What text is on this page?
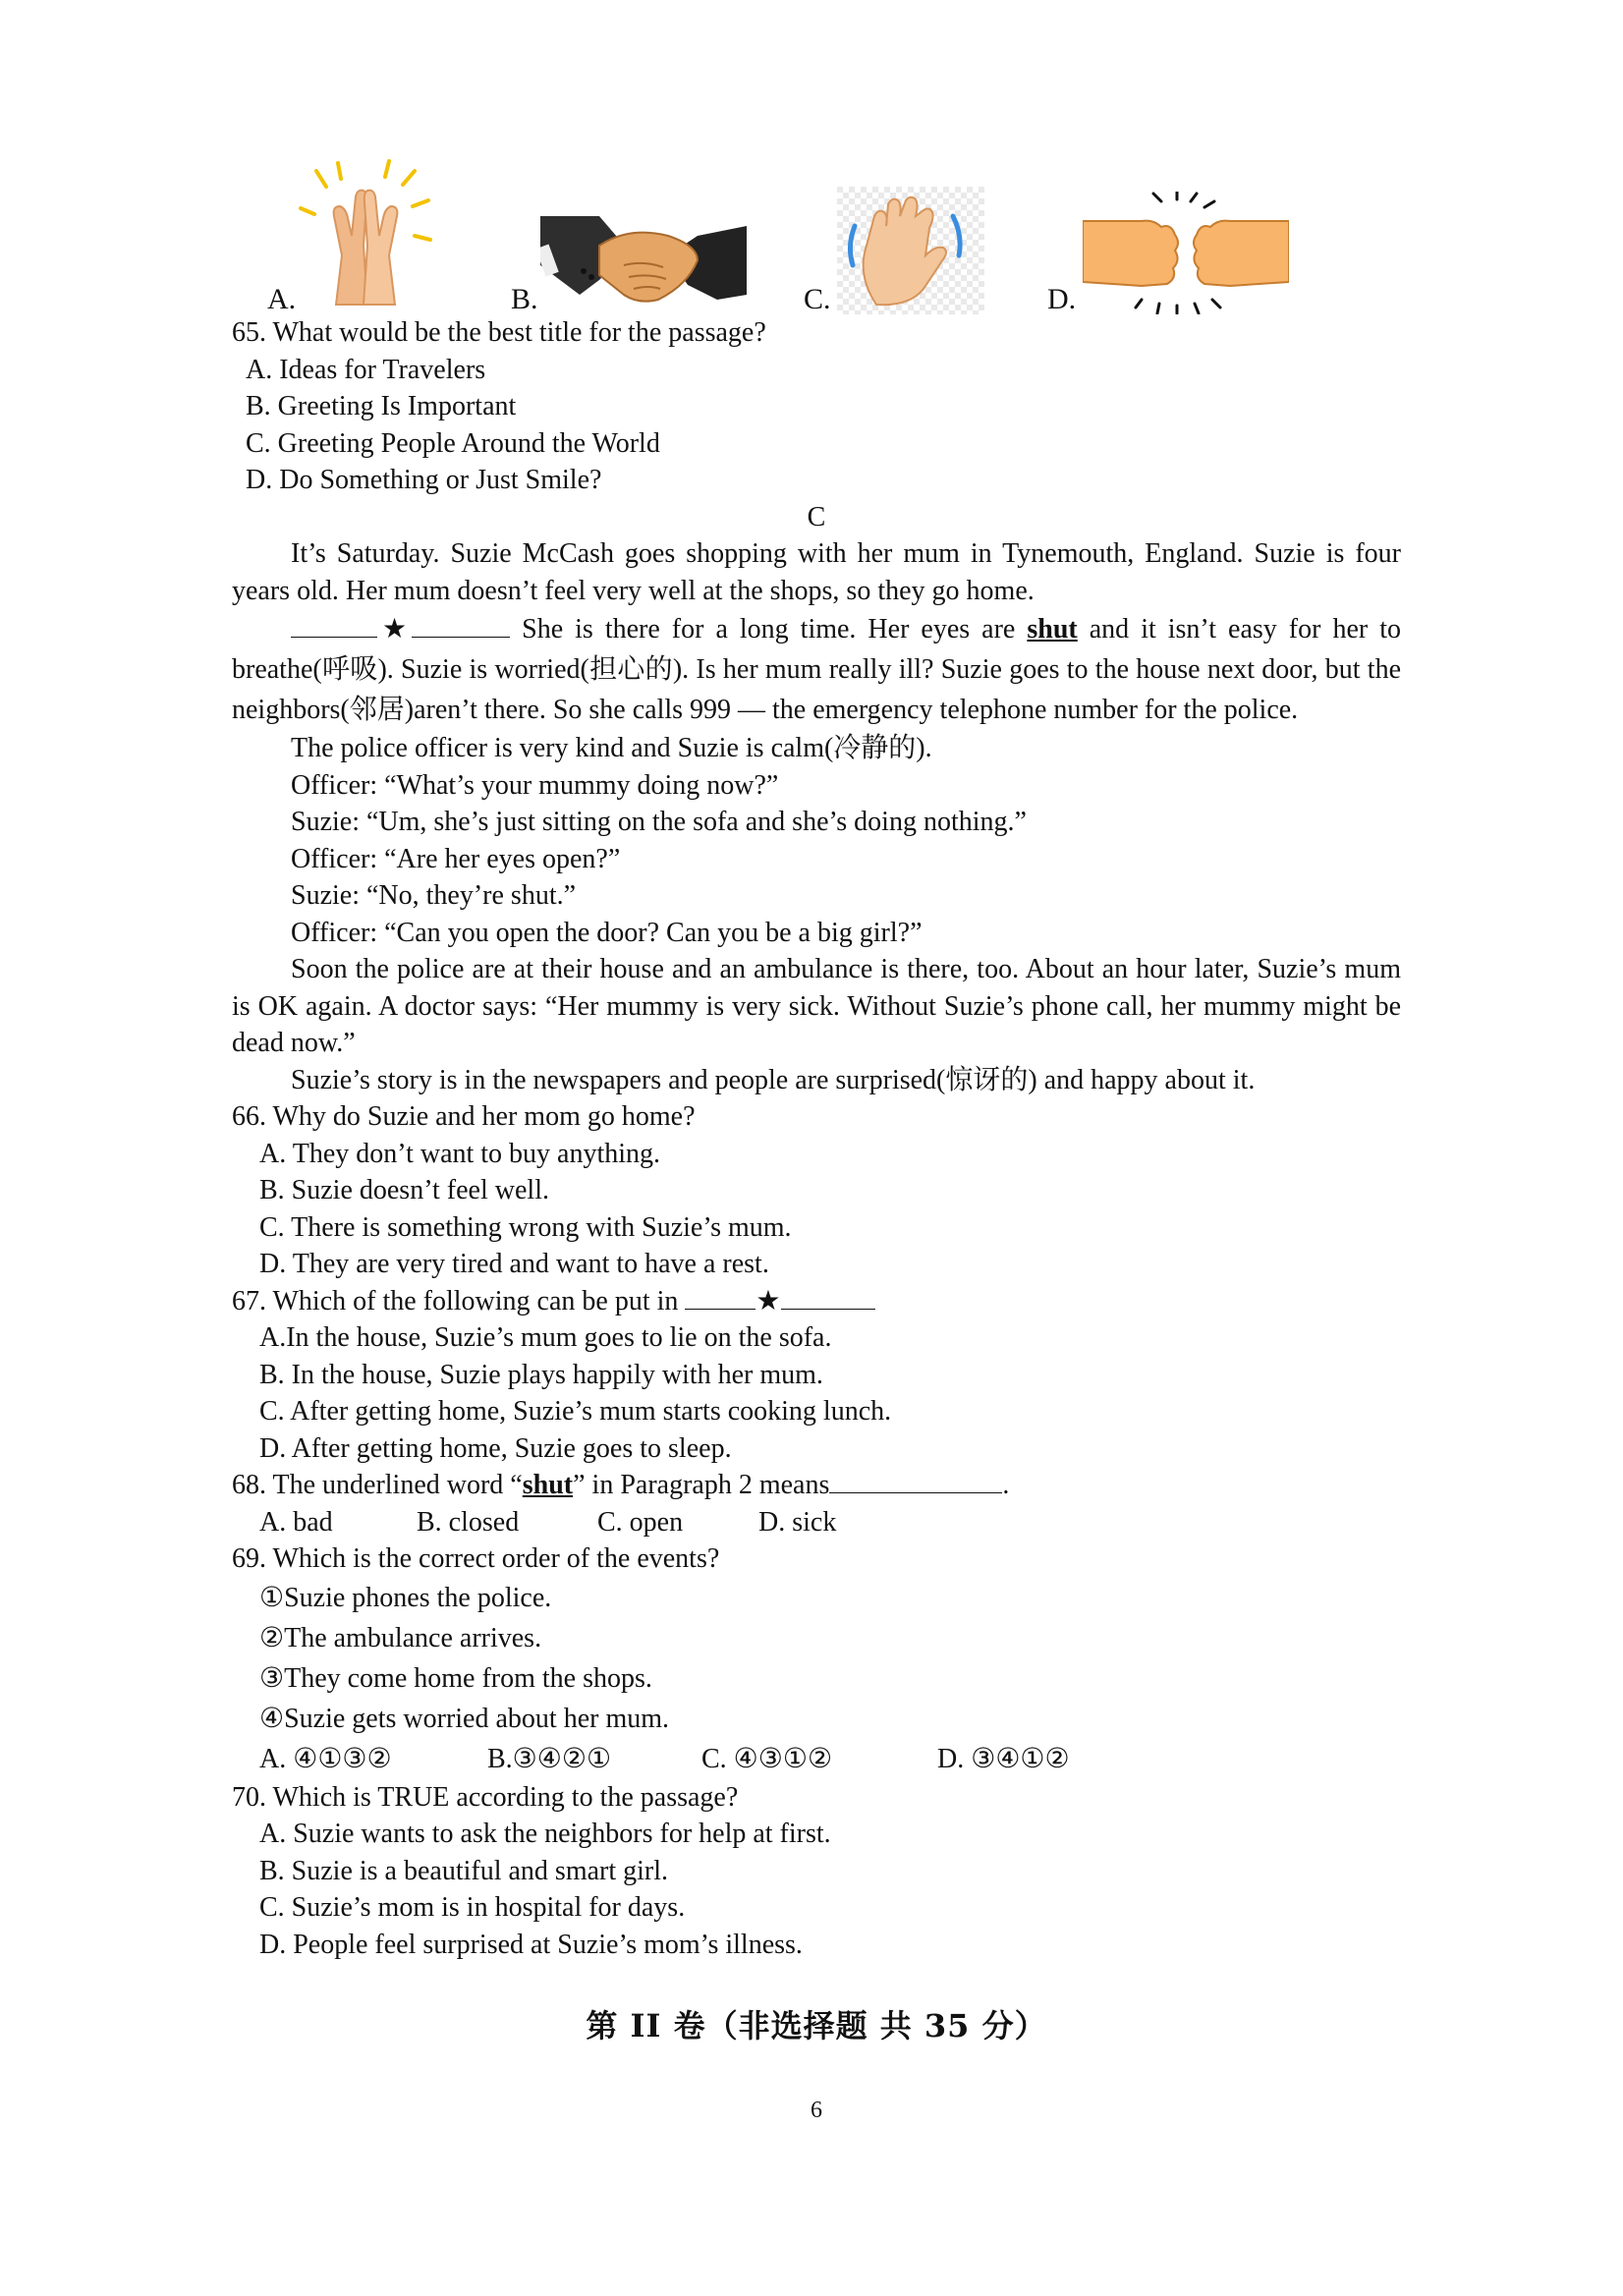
A.	B.	C.	D.
65. What would be the best title for the passage?
A. Ideas for Travelers
B. Greeting Is Important
C. Greeting People Around the World
D. Do Something or Just Smile?
C

It’s Saturday. Suzie McCash goes shopping with her mum in Tynemouth, England. Suzie is four years old. Her mum doesn’t feel very well at the shops, so they go home.

★	She is there for a long time. Her eyes are shut and it isn’t easy for her to breathe(呼吸). Suzie is worried(担心的). Is her mum really ill? Suzie goes to the house next door, but the neighbors(邻居)aren’t there. So she calls 999 — the emergency telephone number for the police.

The police officer is very kind and Suzie is calm(冷静的).

Officer: “What’s your mummy doing now?”

Suzie: “Um, she’s just sitting on the sofa and she’s doing nothing.”

Officer: “Are her eyes open?”

Suzie: “No, they’re shut.”

Officer: “Can you open the door? Can you be a big girl?”

Soon the police are at their house and an ambulance is there, too. About an hour later, Suzie’s mum is OK again. A doctor says: “Her mummy is very sick. Without Suzie’s phone call, her mummy might be dead now.”

Suzie’s story is in the newspapers and people are surprised(惊讶的) and happy about it.

66. Why do Suzie and her mom go home?
A. They don’t want to buy anything.
B. Suzie doesn’t feel well.
C. There is something wrong with Suzie’s mum.
D. They are very tired and want to have a rest.
67. Which of the following can be put in	★
A.In the house, Suzie’s mum goes to lie on the sofa.
B. In the house, Suzie plays happily with her mum.
C. After getting home, Suzie’s mum starts cooking lunch.
D. After getting home, Suzie goes to sleep.
68. The underlined word “shut” in Paragraph 2 means	.
A. bad	B. closed	C. open	D. sick
69. Which is the correct order of the events?
①Suzie phones the police.
②The ambulance arrives.
③They come home from the shops.
④Suzie gets worried about her mum.
A. ④①③②	B.③④②①	C. ④③①②	D. ③④①②
70. Which is TRUE according to the passage?
A. Suzie wants to ask the neighbors for help at first.
B. Suzie is a beautiful and smart girl.
C. Suzie’s mom is in hospital for days.
D. People feel surprised at Suzie’s mom’s illness.
第 II 卷（非选择题 共 35 分）
6
